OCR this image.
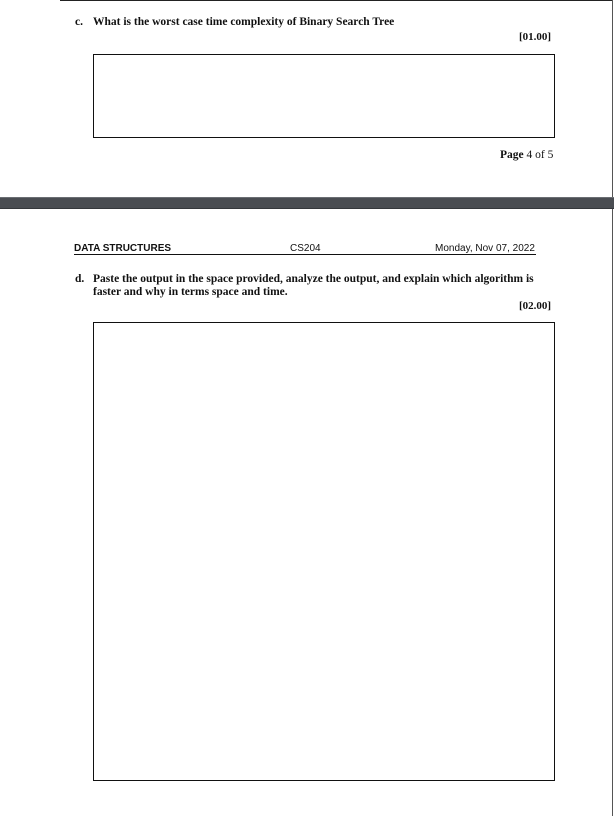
c. What is the worst case time complexity of Binary Search Tree
[01.00]
Page 4 of 5
DATA STRUCTURES	CS204	Monday, Nov 07, 2022
d. Paste the output in the space provided, analyze the output, and explain which algorithm is
faster and why in terms space and time.
[02.00]
